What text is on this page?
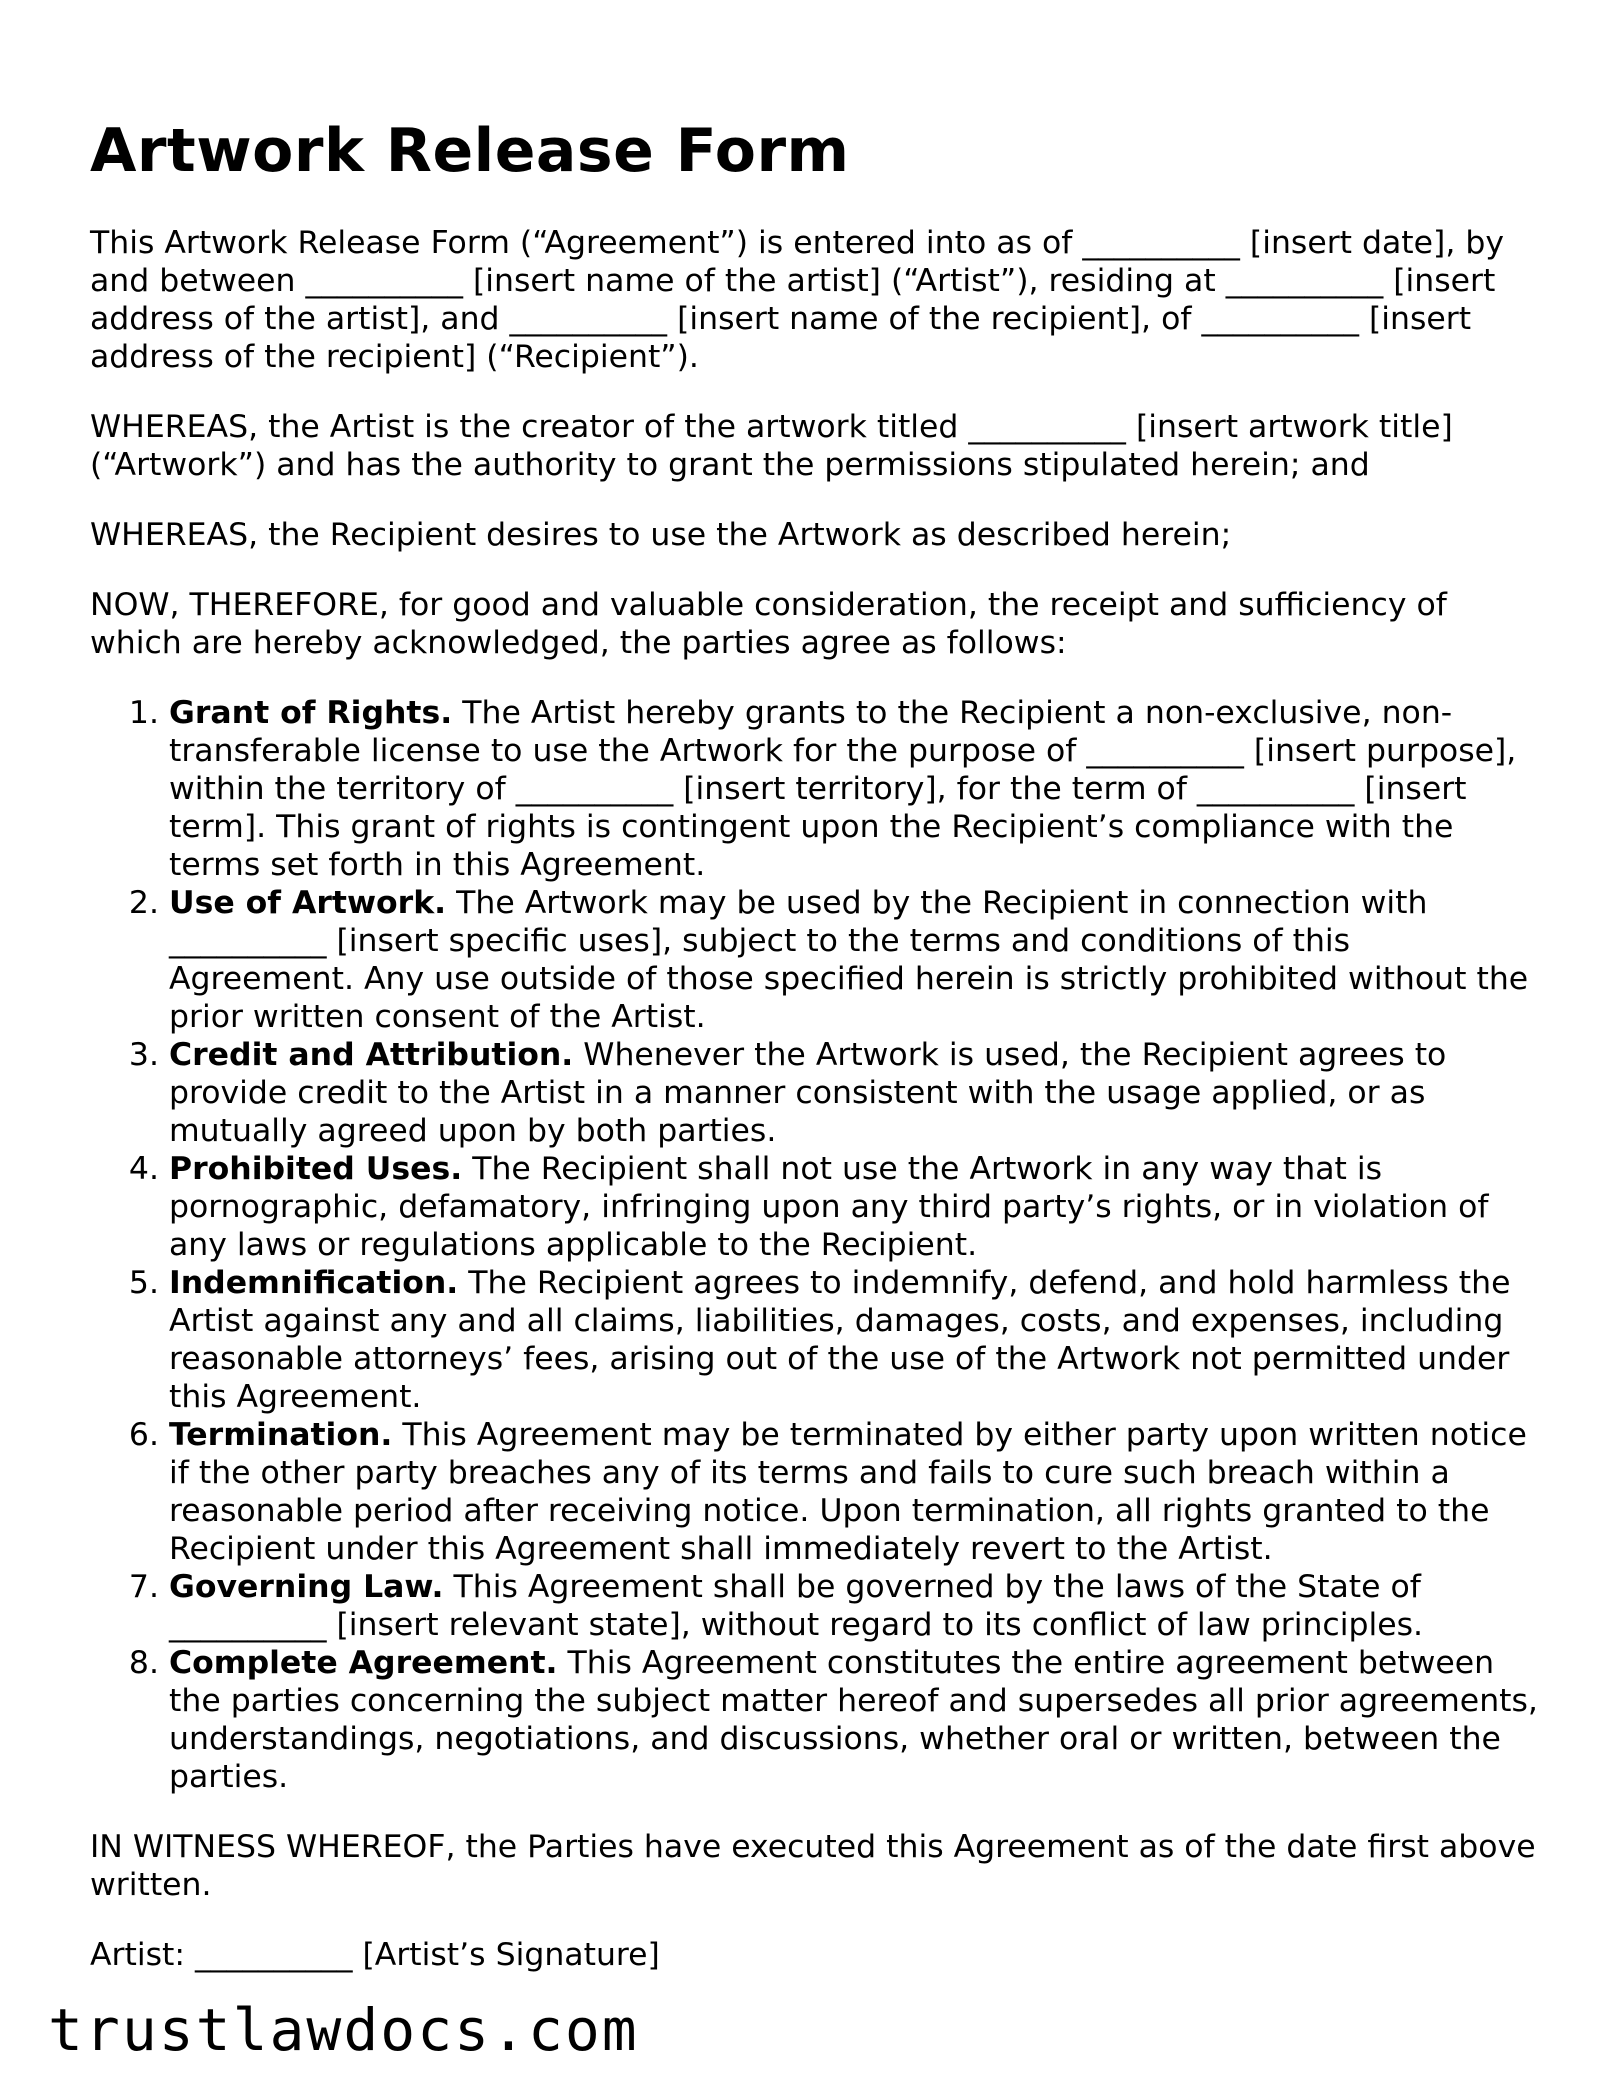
Artwork Release Form

This Artwork Release Form (“Agreement”) is entered into as of __________ [insert date], by and between __________ [insert name of the artist] (“Artist”), residing at __________ [insert address of the artist], and __________ [insert name of the recipient], of __________ [insert address of the recipient] (“Recipient”).

WHEREAS, the Artist is the creator of the artwork titled __________ [insert artwork title] (“Artwork”) and has the authority to grant the permissions stipulated herein; and

WHEREAS, the Recipient desires to use the Artwork as described herein;

NOW, THEREFORE, for good and valuable consideration, the receipt and sufficiency of which are hereby acknowledged, the parties agree as follows:

1. Grant of Rights. The Artist hereby grants to the Recipient a non-exclusive, non-transferable license to use the Artwork for the purpose of __________ [insert purpose], within the territory of __________ [insert territory], for the term of __________ [insert term]. This grant of rights is contingent upon the Recipient’s compliance with the terms set forth in this Agreement.
2. Use of Artwork. The Artwork may be used by the Recipient in connection with __________ [insert specific uses], subject to the terms and conditions of this Agreement. Any use outside of those specified herein is strictly prohibited without the prior written consent of the Artist.
3. Credit and Attribution. Whenever the Artwork is used, the Recipient agrees to provide credit to the Artist in a manner consistent with the usage applied, or as mutually agreed upon by both parties.
4. Prohibited Uses. The Recipient shall not use the Artwork in any way that is pornographic, defamatory, infringing upon any third party’s rights, or in violation of any laws or regulations applicable to the Recipient.
5. Indemnification. The Recipient agrees to indemnify, defend, and hold harmless the Artist against any and all claims, liabilities, damages, costs, and expenses, including reasonable attorneys’ fees, arising out of the use of the Artwork not permitted under this Agreement.
6. Termination. This Agreement may be terminated by either party upon written notice if the other party breaches any of its terms and fails to cure such breach within a reasonable period after receiving notice. Upon termination, all rights granted to the Recipient under this Agreement shall immediately revert to the Artist.
7. Governing Law. This Agreement shall be governed by the laws of the State of __________ [insert relevant state], without regard to its conflict of law principles.
8. Complete Agreement. This Agreement constitutes the entire agreement between the parties concerning the subject matter hereof and supersedes all prior agreements, understandings, negotiations, and discussions, whether oral or written, between the parties.

IN WITNESS WHEREOF, the Parties have executed this Agreement as of the date first above written.

Artist: __________ [Artist’s Signature]

trustlawdocs.com
